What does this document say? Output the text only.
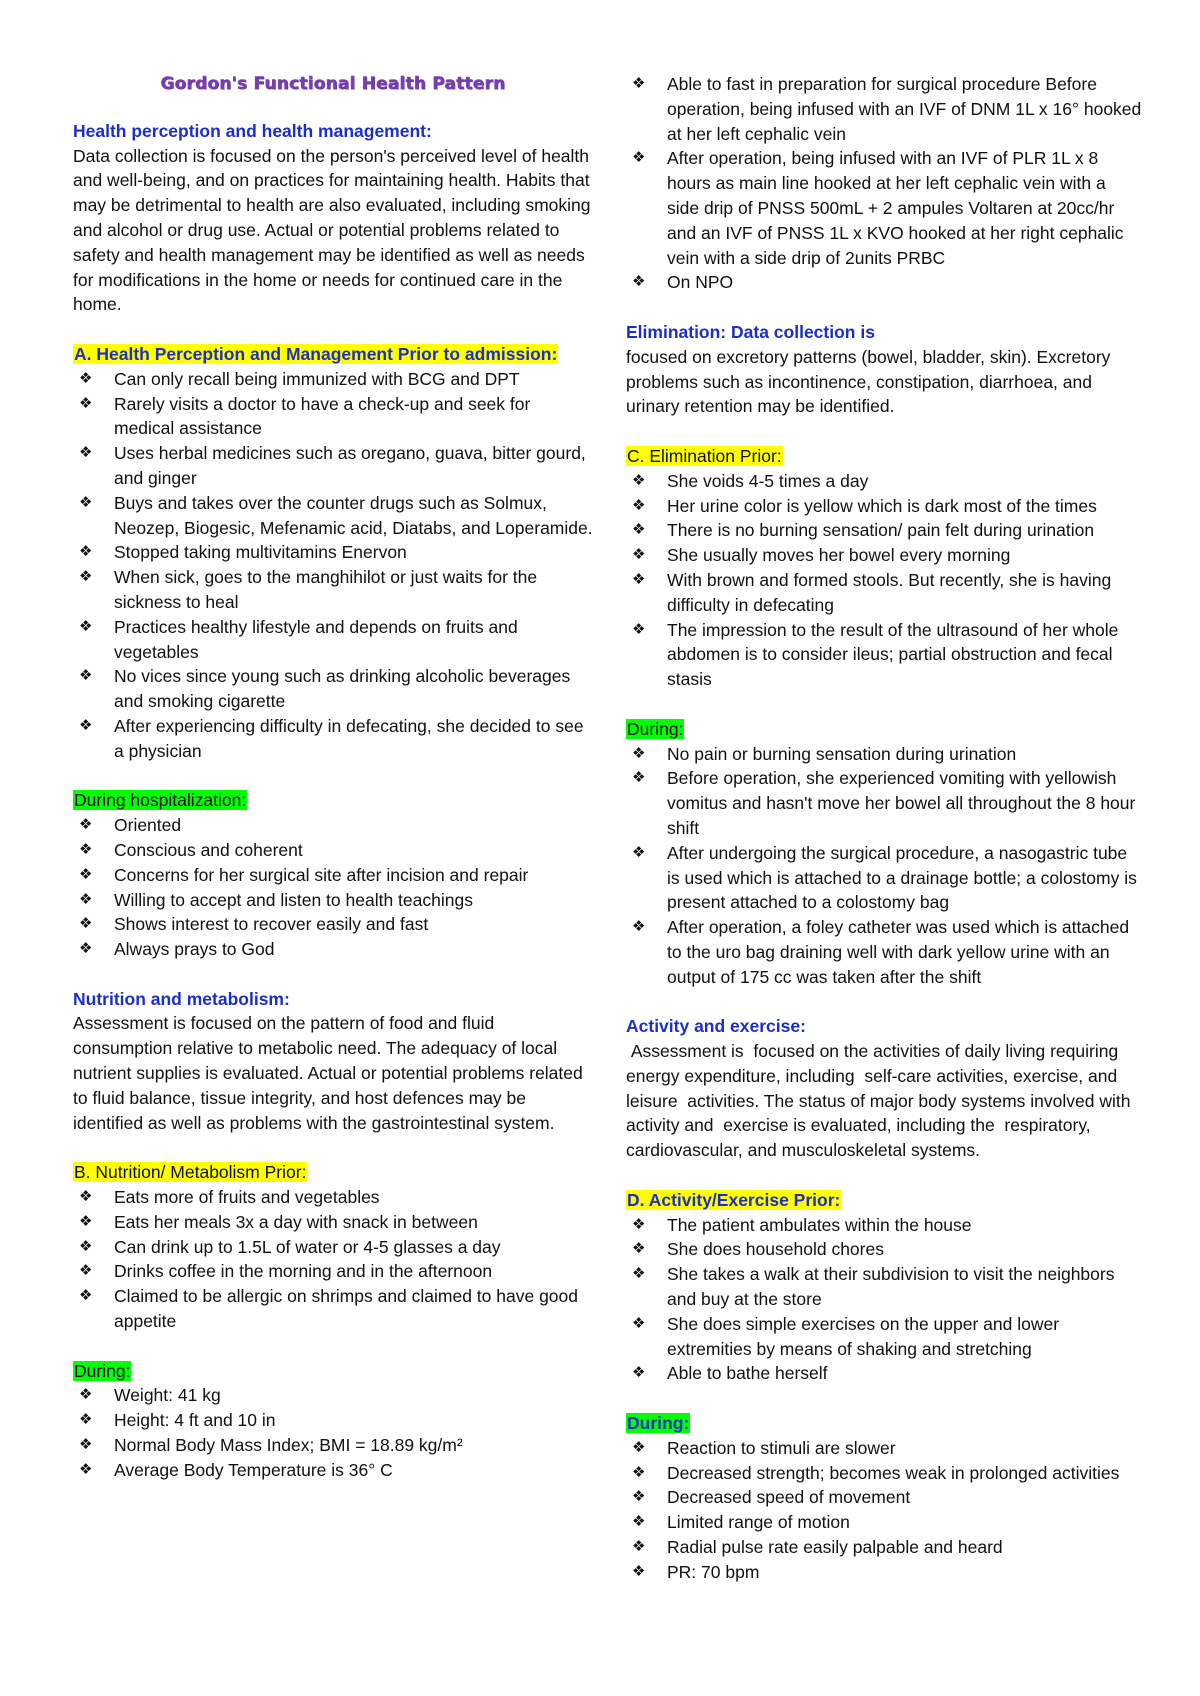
Gordon's Functional Health Pattern
Health perception and health management:

Data collection is focused on the person's perceived level of health and well-being, and on practices for maintaining health. Habits that may be detrimental to health are also evaluated, including smoking and alcohol or drug use. Actual or potential problems related to safety and health management may be identified as well as needs for modifications in the home or needs for continued care in the home.

A. Health Perception and Management Prior to admission:
❖ Can only recall being immunized with BCG and DPT
❖ Rarely visits a doctor to have a check-up and seek for medical assistance
❖ Uses herbal medicines such as oregano, guava, bitter gourd, and ginger
❖ Buys and takes over the counter drugs such as Solmux, Neozep, Biogesic, Mefenamic acid, Diatabs, and Loperamide.
❖ Stopped taking multivitamins Enervon
❖ When sick, goes to the manghihilot or just waits for the sickness to heal
❖ Practices healthy lifestyle and depends on fruits and vegetables
❖ No vices since young such as drinking alcoholic beverages and smoking cigarette
❖ After experiencing difficulty in defecating, she decided to see a physician
During hospitalization:
❖ Oriented
❖ Conscious and coherent
❖ Concerns for her surgical site after incision and repair
❖ Willing to accept and listen to health teachings
❖ Shows interest to recover easily and fast
❖ Always prays to God
Nutrition and metabolism:

Assessment is focused on the pattern of food and fluid consumption relative to metabolic need. The adequacy of local nutrient supplies is evaluated. Actual or potential problems related to fluid balance, tissue integrity, and host defences may be identified as well as problems with the gastrointestinal system.

B. Nutrition/ Metabolism Prior:
❖ Eats more of fruits and vegetables
❖ Eats her meals 3x a day with snack in between
❖ Can drink up to 1.5L of water or 4-5 glasses a day
❖ Drinks coffee in the morning and in the afternoon
❖ Claimed to be allergic on shrimps and claimed to have good appetite
During:
❖ Weight: 41 kg
❖ Height: 4 ft and 10 in
❖ Normal Body Mass Index; BMI = 18.89 kg/m²
❖ Average Body Temperature is 36° C
❖ Able to fast in preparation for surgical procedure Before operation, being infused with an IVF of DNM 1L x 16° hooked at her left cephalic vein
❖ After operation, being infused with an IVF of PLR 1L x 8 hours as main line hooked at her left cephalic vein with a side drip of PNSS 500mL + 2 ampules Voltaren at 20cc/hr and an IVF of PNSS 1L x KVO hooked at her right cephalic vein with a side drip of 2units PRBC
❖ On NPO
Elimination: Data collection is

focused on excretory patterns (bowel, bladder, skin). Excretory problems such as incontinence, constipation, diarrhoea, and urinary retention may be identified.

C. Elimination Prior:
❖ She voids 4-5 times a day
❖ Her urine color is yellow which is dark most of the times
❖ There is no burning sensation/ pain felt during urination
❖ She usually moves her bowel every morning
❖ With brown and formed stools. But recently, she is having difficulty in defecating
❖ The impression to the result of the ultrasound of her whole abdomen is to consider ileus; partial obstruction and fecal stasis
During:
❖ No pain or burning sensation during urination
❖ Before operation, she experienced vomiting with yellowish vomitus and hasn't move her bowel all throughout the 8 hour shift
❖ After undergoing the surgical procedure, a nasogastric tube is used which is attached to a drainage bottle; a colostomy is present attached to a colostomy bag
❖ After operation, a foley catheter was used which is attached to the uro bag draining well with dark yellow urine with an output of 175 cc was taken after the shift
Activity and exercise:

Assessment is  focused on the activities of daily living requiring energy expenditure, including  self-care activities, exercise, and leisure  activities. The status of major body systems involved with activity and  exercise is evaluated, including the  respiratory, cardiovascular, and musculoskeletal systems.

D. Activity/Exercise Prior:
❖ The patient ambulates within the house
❖ She does household chores
❖ She takes a walk at their subdivision to visit the neighbors and buy at the store
❖ She does simple exercises on the upper and lower extremities by means of shaking and stretching
❖ Able to bathe herself
During:
❖ Reaction to stimuli are slower
❖ Decreased strength; becomes weak in prolonged activities
❖ Decreased speed of movement
❖ Limited range of motion
❖ Radial pulse rate easily palpable and heard
❖ PR: 70 bpm
